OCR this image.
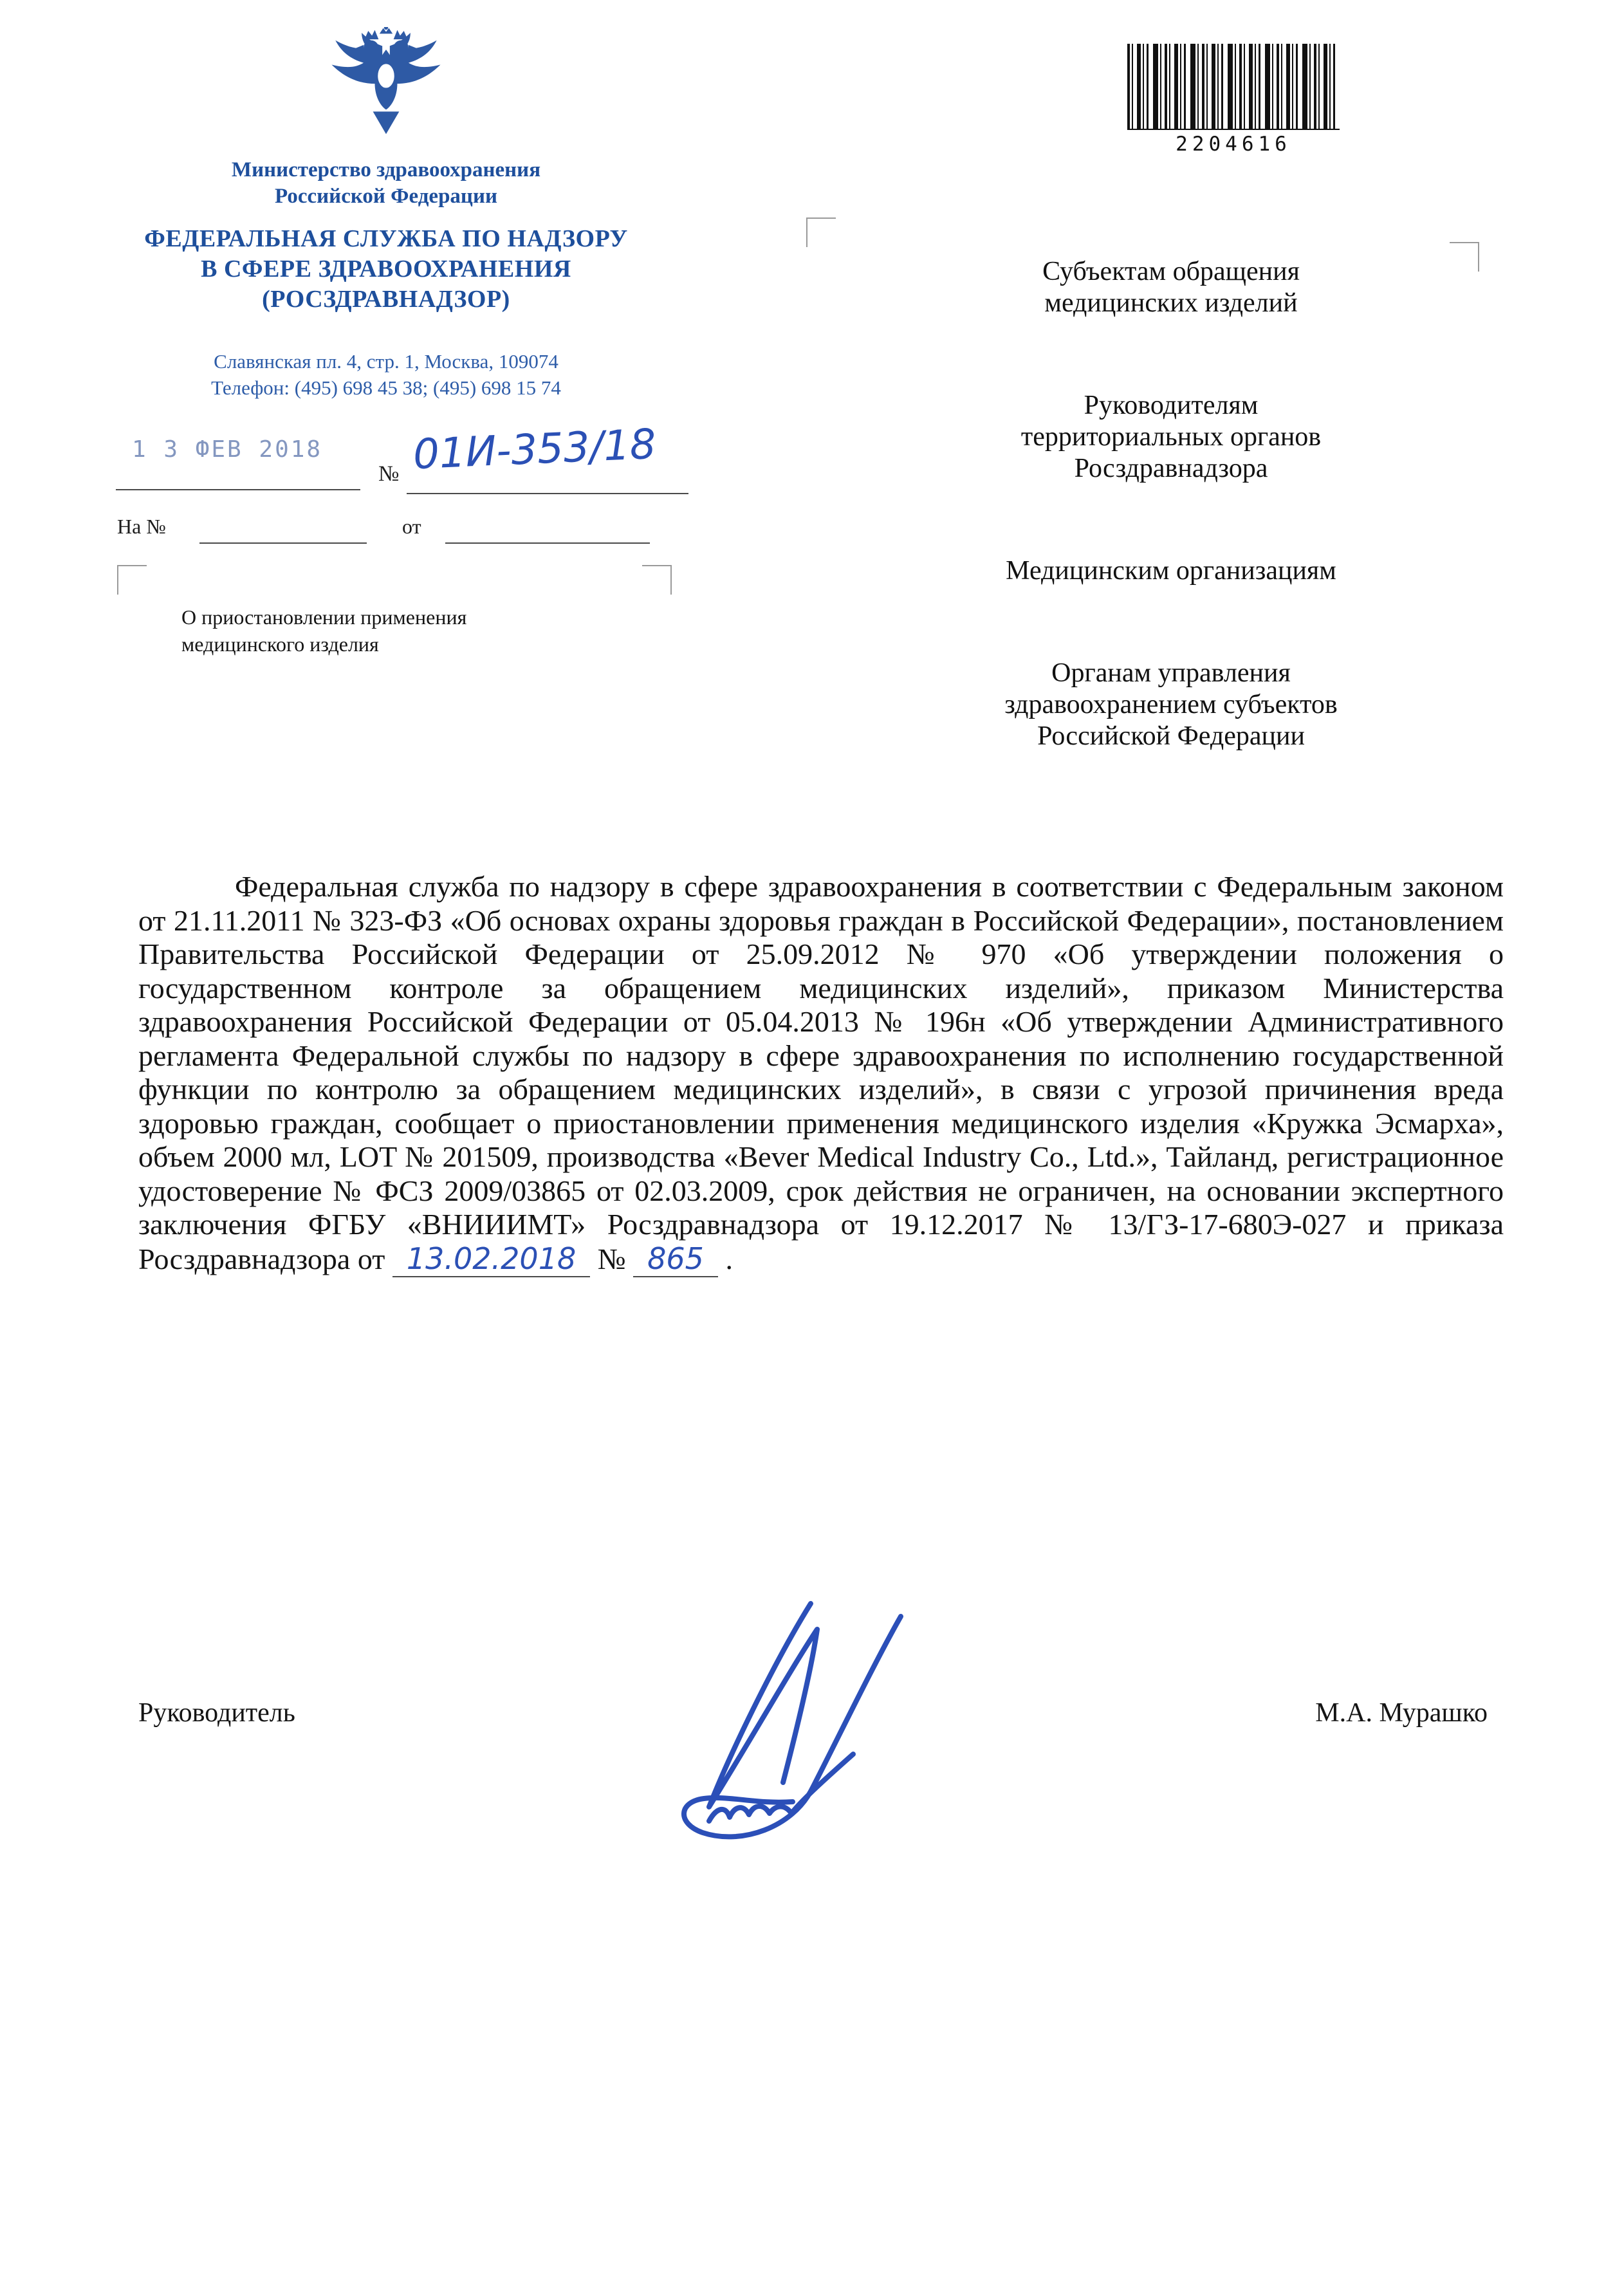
Министерство здравоохранения
Российской Федерации
ФЕДЕРАЛЬНАЯ СЛУЖБА ПО НАДЗОРУ
В СФЕРЕ ЗДРАВООХРАНЕНИЯ
(РОСЗДРАВНАДЗОР)
Славянская пл. 4, стр. 1, Москва, 109074
Телефон: (495) 698 45 38; (495) 698 15 74
2204616
Субъектам обращения
медицинских изделий
Руководителям
территориальных органов
Росздравнадзора
Медицинским организациям
Органам управления
здравоохранением субъектов
Российской Федерации
1 3 ФЕВ 2018
№ 01И-353/18
На №	от
О приостановлении применения
медицинского изделия

Федеральная служба по надзору в сфере здравоохранения в соответствии с Федеральным законом от 21.11.2011 № 323-ФЗ «Об основах охраны здоровья граждан в Российской Федерации», постановлением Правительства Российской Федерации от 25.09.2012 № 970 «Об утверждении положения о государственном контроле за обращением медицинских изделий», приказом Министерства здравоохранения Российской Федерации от 05.04.2013 № 196н «Об утверждении Административного регламента Федеральной службы по надзору в сфере здравоохранения по исполнению государственной функции по контролю за обращением медицинских изделий», в связи с угрозой причинения вреда здоровью граждан, сообщает о приостановлении применения медицинского изделия «Кружка Эсмарха», объем 2000 мл, LOT № 201509, производства «Bever Medical Industry Co., Ltd.», Тайланд, регистрационное удостоверение № ФСЗ 2009/03865 от 02.03.2009, срок действия не ограничен, на основании экспертного заключения ФГБУ «ВНИИИМТ» Росздравнадзора от 19.12.2017 № 13/ГЗ-17-680Э-027 и приказа Росздравнадзора от 13.02.2018 № 865 .

Руководитель	М.А. Мурашко
